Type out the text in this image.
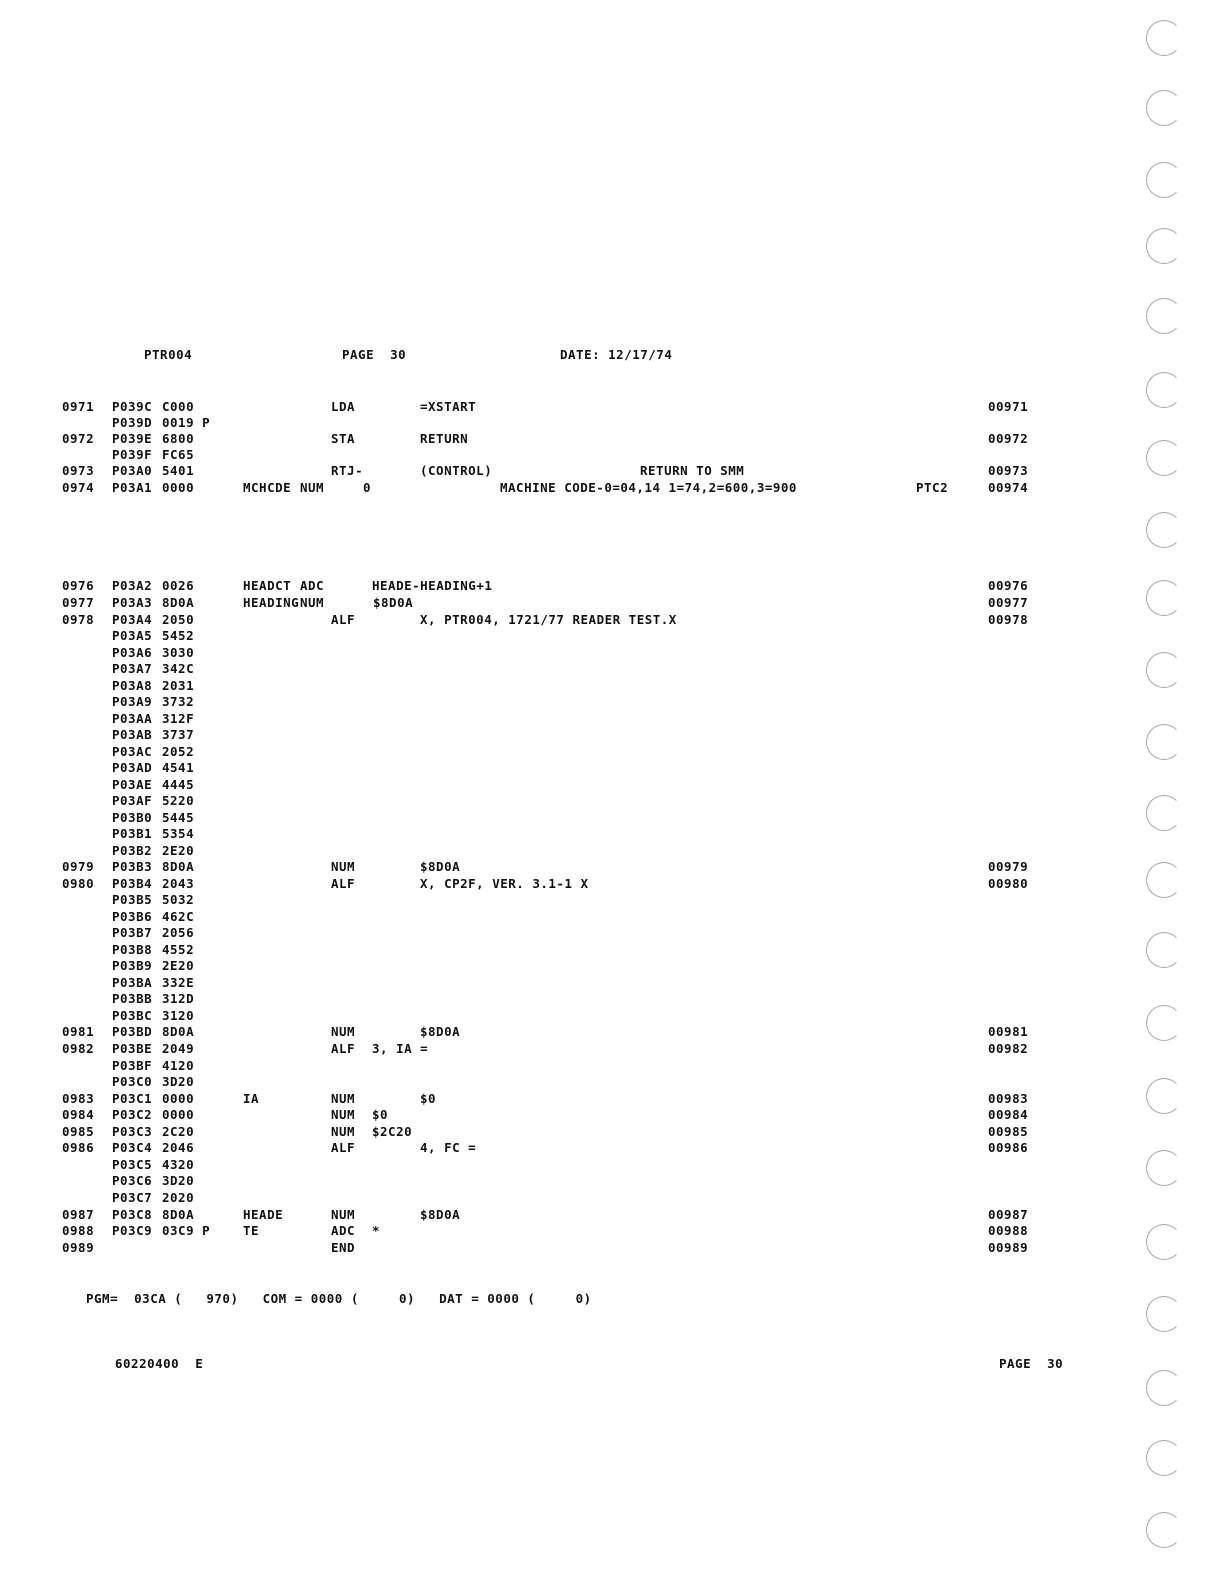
PTR004	PAGE  30	DATE: 12/17/74
0971 P039C C000	LDA	=XSTART	00971
P039D 0019 P
0972 P039E 6800	STA	RETURN	00972
P039F FC65
0973 P03A0 5401	RTJ-	(CONTROL)	RETURN TO SMM	00973
0974 P03A1 0000	MCHCDE NUM	0	MACHINE CODE-0=04,14 1=74,2=600,3=900	PTC2	00974
0976 P03A2 0026	HEADCT ADC	HEADE-HEADING+1	00976
0977 P03A3 8D0A	HEADING NUM	$8D0A	00977
0978 P03A4 2050	ALF	X, PTR004, 1721/77 READER TEST.X	00978
P03A5 5452
P03A6 3030
P03A7 342C
P03A8 2031
P03A9 3732
P03AA 312F
P03AB 3737
P03AC 2052
P03AD 4541
P03AE 4445
P03AF 5220
P03B0 5445
P03B1 5354
P03B2 2E20
0979 P03B3 8D0A	NUM	$8D0A	00979
0980 P03B4 2043	ALF	X, CP2F, VER. 3.1-1 X	00980
P03B5 5032
P03B6 462C
P03B7 2056
P03B8 4552
P03B9 2E20
P03BA 332E
P03BB 312D
P03BC 3120
0981 P03BD 8D0A	NUM	$8D0A	00981
0982 P03BE 2049	ALF 3, IA =	00982
P03BF 4120
P03C0 3D20
0983 P03C1 0000	IA	NUM	$0	00983
0984 P03C2 0000	NUM $0	00984
0985 P03C3 2C20	NUM $2C20	00985
0986 P03C4 2046	ALF	4, FC =	00986
P03C5 4320
P03C6 3D20
P03C7 2020
0987 P03C8 8D0A	HEADE	NUM	$8D0A	00987
0988 P03C9 03C9 P	TE	ADC *	00988
0989	END	00989
PGM=  03CA (   970)   COM = 0000 (     0)   DAT = 0000 (     0)
60220400  E	PAGE  30
